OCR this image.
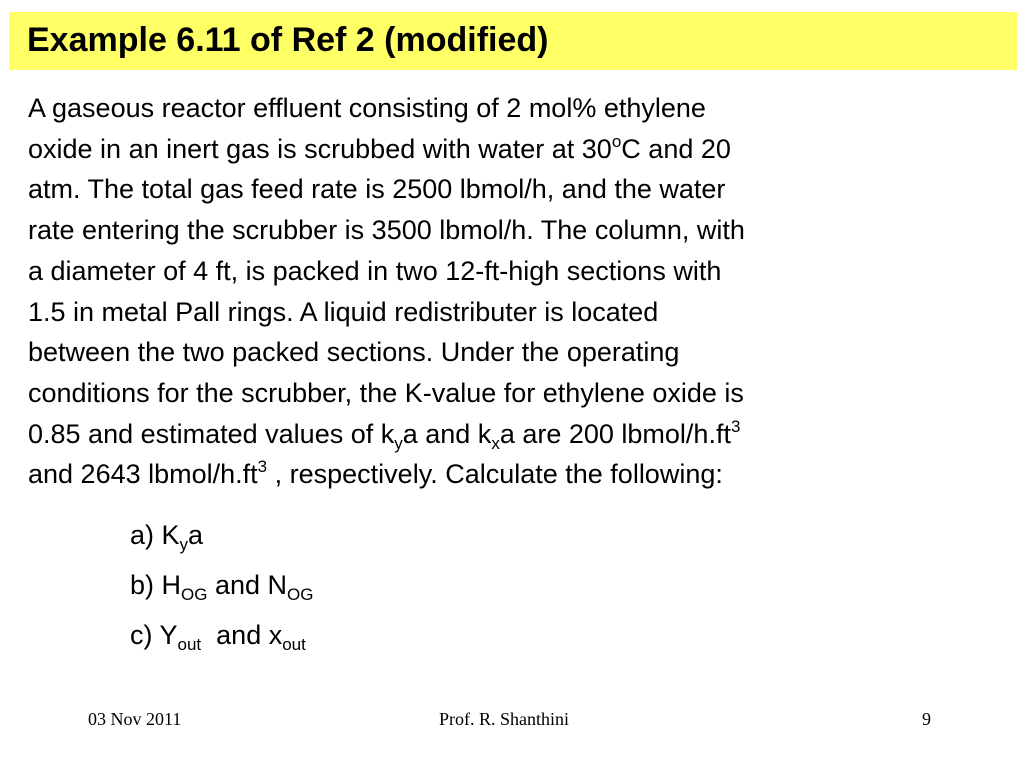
Example 6.11 of Ref 2 (modified)
A gaseous reactor effluent consisting of 2 mol% ethylene
oxide in an inert gas is scrubbed with water at 30$^o$C and 20
atm. The total gas feed rate is 2500 lbmol/h, and the water
rate entering the scrubber is 3500 lbmol/h. The column, with
a diameter of 4 ft, is packed in two 12-ft-high sections with
1.5 in metal Pall rings. A liquid redistributer is located
between the two packed sections. Under the operating
conditions for the scrubber, the K-value for ethylene oxide is
0.85 and estimated values of $k_ya$ and $k_xa$ are 200 lbmol/$h.ft^3$
and 2643 lbmol/$h.ft^3$ , respectively. Calculate the following:
a) $K_ya$
b) $H_{OG}$ and $N_{OG}$
c) $Y_{out}$  and $x_{out}$
03 Nov 2011	Prof. R. Shanthini	9
